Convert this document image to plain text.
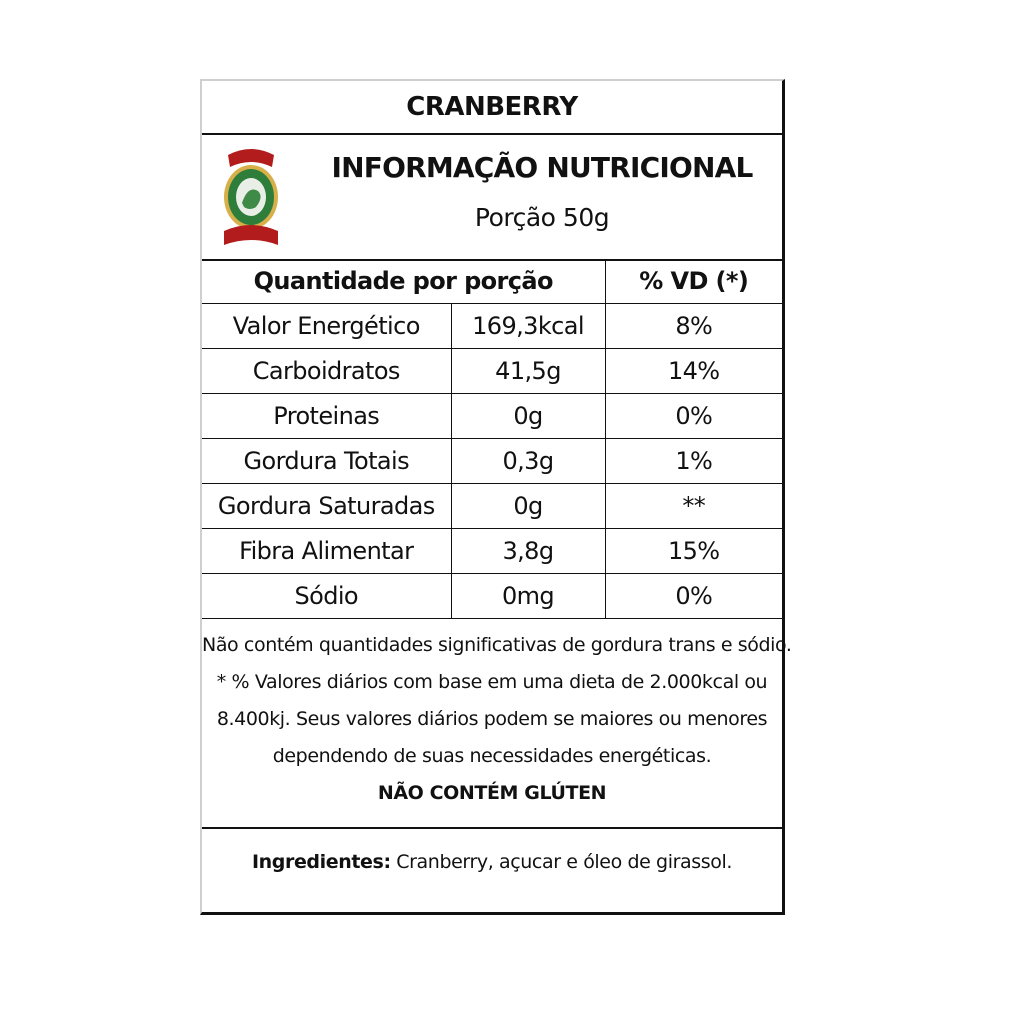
CRANBERRY
INFORMAÇÃO NUTRICIONAL
Porção 50g
Quantidade por porção		% VD (*)
Valor Energético	169,3kcal	8%
Carboidratos	41,5g	14%
Proteinas	0g	0%
Gordura Totais	0,3g	1%
Gordura Saturadas	0g	**
Fibra Alimentar	3,8g	15%
Sódio	0mg	0%
Não contém quantidades significativas de gordura trans e sódio.
* % Valores diários com base em uma dieta de 2.000kcal ou
8.400kj. Seus valores diários podem se maiores ou menores
dependendo de suas necessidades energéticas.
NÃO CONTÉM GLÚTEN
Ingredientes: Cranberry, açucar e óleo de girassol.
